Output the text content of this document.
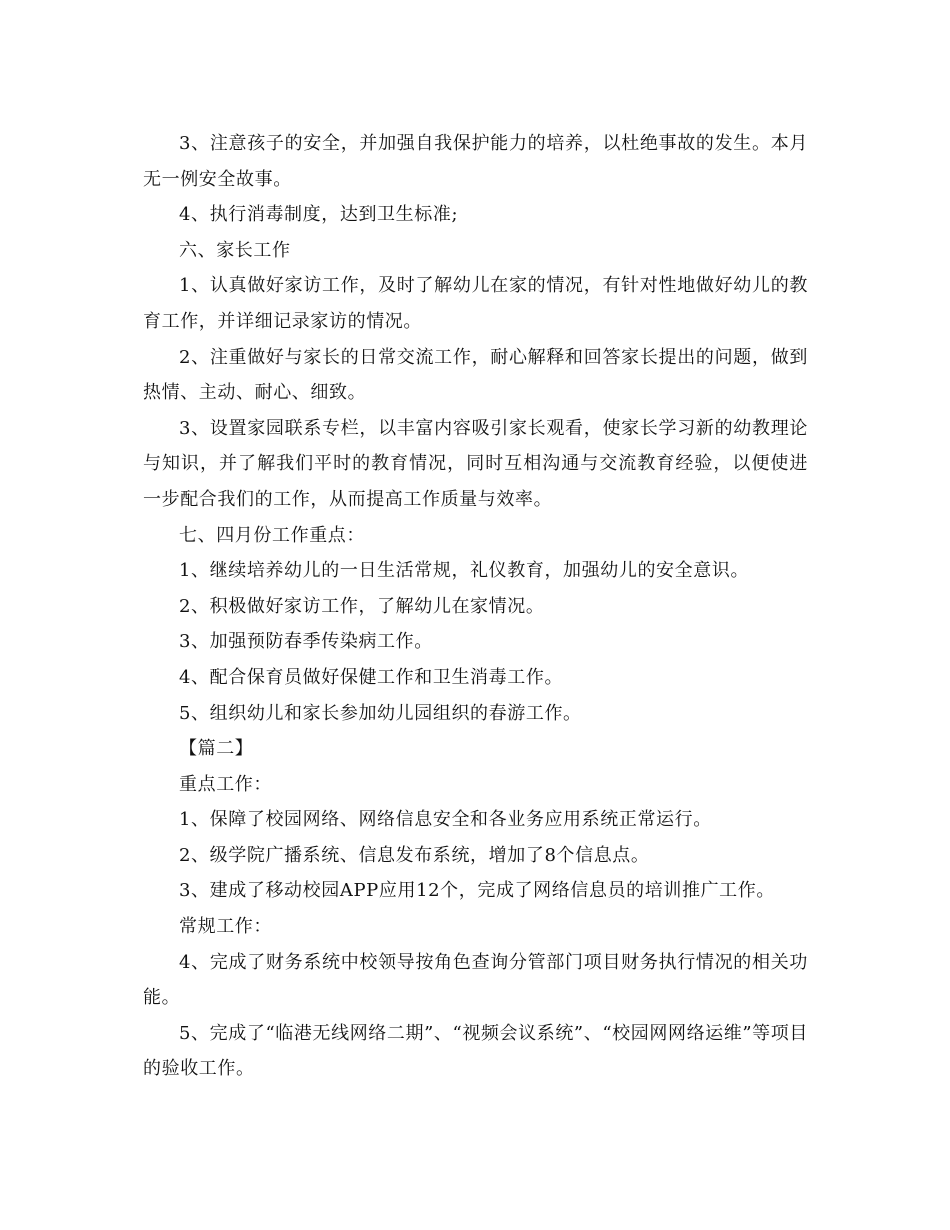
3、注意孩子的安全，并加强自我保护能力的培养，以杜绝事故的发生。本月无一例安全故事。

4、执行消毒制度，达到卫生标准;

六、家长工作

1、认真做好家访工作，及时了解幼儿在家的情况，有针对性地做好幼儿的教育工作，并详细记录家访的情况。

2、注重做好与家长的日常交流工作，耐心解释和回答家长提出的问题，做到热情、主动、耐心、细致。

3、设置家园联系专栏，以丰富内容吸引家长观看，使家长学习新的幼教理论与知识，并了解我们平时的教育情况，同时互相沟通与交流教育经验，以便使进一步配合我们的工作，从而提高工作质量与效率。

七、四月份工作重点：

1、继续培养幼儿的一日生活常规，礼仪教育，加强幼儿的安全意识。

2、积极做好家访工作，了解幼儿在家情况。

3、加强预防春季传染病工作。

4、配合保育员做好保健工作和卫生消毒工作。

5、组织幼儿和家长参加幼儿园组织的春游工作。

【篇二】

重点工作：

1、保障了校园网络、网络信息安全和各业务应用系统正常运行。

2、级学院广播系统、信息发布系统，增加了8个信息点。

3、建成了移动校园APP应用12个，完成了网络信息员的培训推广工作。

常规工作：

4、完成了财务系统中校领导按角色查询分管部门项目财务执行情况的相关功能。

5、完成了“临港无线网络二期”、“视频会议系统”、“校园网网络运维”等项目的验收工作。
